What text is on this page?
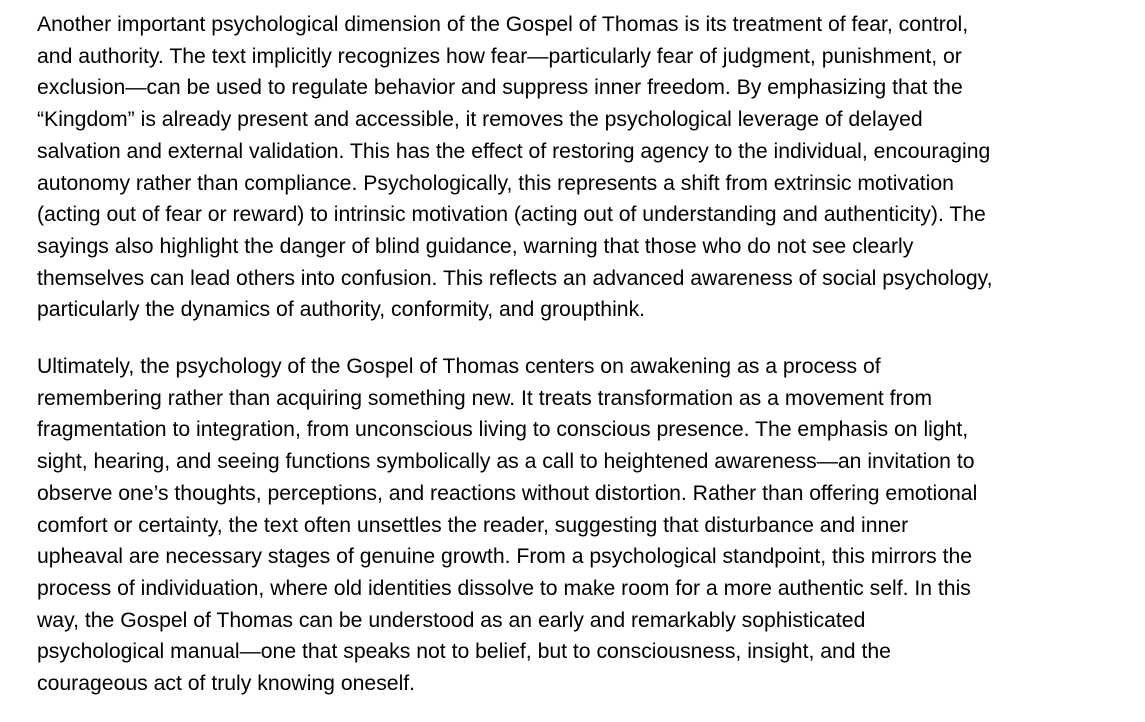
Another important psychological dimension of the Gospel of Thomas is its treatment of fear, control,
and authority. The text implicitly recognizes how fear—particularly fear of judgment, punishment, or
exclusion—can be used to regulate behavior and suppress inner freedom. By emphasizing that the
“Kingdom” is already present and accessible, it removes the psychological leverage of delayed
salvation and external validation. This has the effect of restoring agency to the individual, encouraging
autonomy rather than compliance. Psychologically, this represents a shift from extrinsic motivation
(acting out of fear or reward) to intrinsic motivation (acting out of understanding and authenticity). The
sayings also highlight the danger of blind guidance, warning that those who do not see clearly
themselves can lead others into confusion. This reflects an advanced awareness of social psychology,
particularly the dynamics of authority, conformity, and groupthink.

Ultimately, the psychology of the Gospel of Thomas centers on awakening as a process of
remembering rather than acquiring something new. It treats transformation as a movement from
fragmentation to integration, from unconscious living to conscious presence. The emphasis on light,
sight, hearing, and seeing functions symbolically as a call to heightened awareness—an invitation to
observe one’s thoughts, perceptions, and reactions without distortion. Rather than offering emotional
comfort or certainty, the text often unsettles the reader, suggesting that disturbance and inner
upheaval are necessary stages of genuine growth. From a psychological standpoint, this mirrors the
process of individuation, where old identities dissolve to make room for a more authentic self. In this
way, the Gospel of Thomas can be understood as an early and remarkably sophisticated
psychological manual—one that speaks not to belief, but to consciousness, insight, and the
courageous act of truly knowing oneself.
